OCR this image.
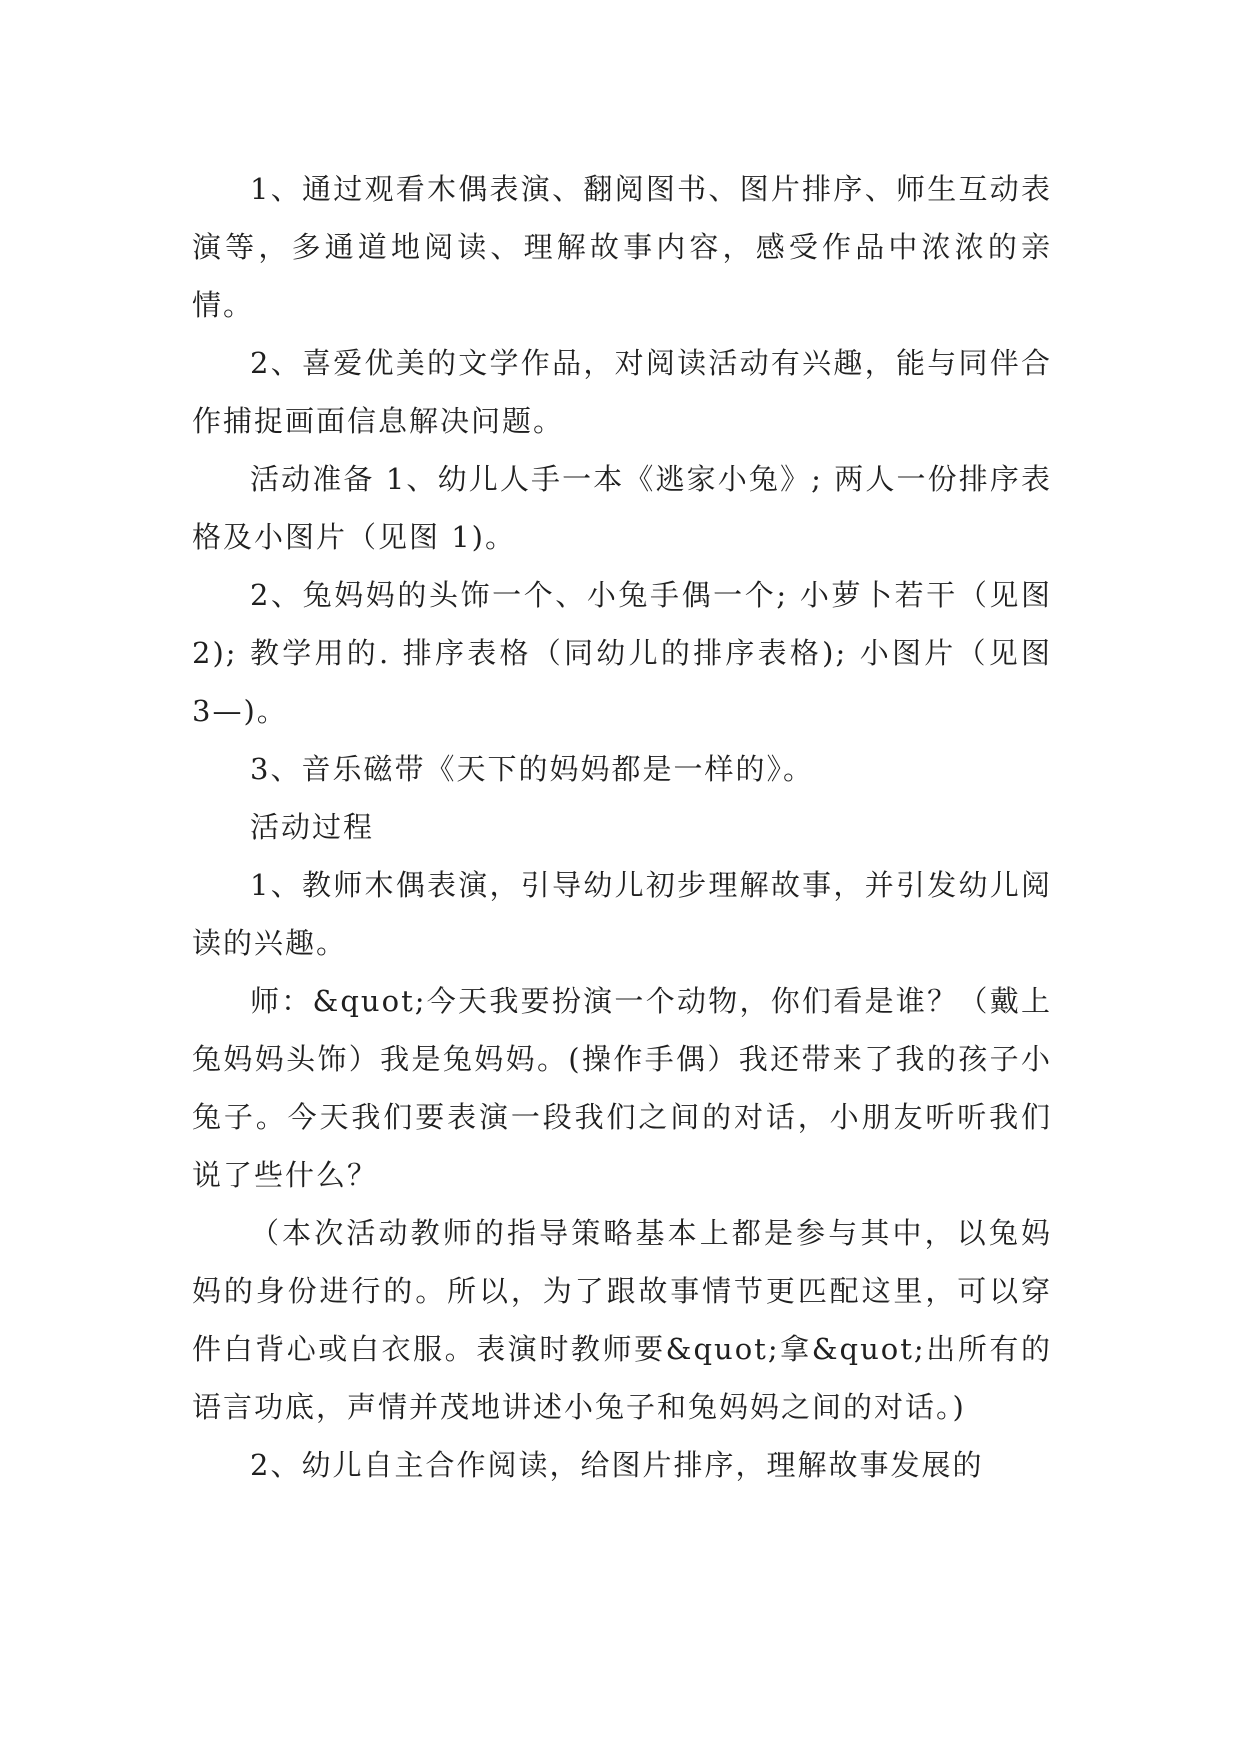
1、通过观看木偶表演、翻阅图书、图片排序、师生互动表演等，多通道地阅读、理解故事内容，感受作品中浓浓的亲情。

2、喜爱优美的文学作品，对阅读活动有兴趣，能与同伴合作捕捉画面信息解决问题。

活动准备 1、幼儿人手一本《逃家小兔》; 两人一份排序表格及小图片（见图 1)。

2、兔妈妈的头饰一个、小兔手偶一个; 小萝卜若干（见图 2); 教学用的. 排序表格（同幼儿的排序表格); 小图片（见图 3—)。

3、音乐磁带《天下的妈妈都是一样的》。

活动过程

1、教师木偶表演，引导幼儿初步理解故事，并引发幼儿阅读的兴趣。

师：&quot;今天我要扮演一个动物，你们看是谁？（戴上兔妈妈头饰）我是兔妈妈。(操作手偶）我还带来了我的孩子小兔子。今天我们要表演一段我们之间的对话，小朋友听听我们说了些什么？

（本次活动教师的指导策略基本上都是参与其中，以兔妈妈的身份进行的。所以，为了跟故事情节更匹配这里，可以穿件白背心或白衣服。表演时教师要&quot;拿&quot;出所有的语言功底，声情并茂地讲述小兔子和兔妈妈之间的对话。)

2、幼儿自主合作阅读，给图片排序，理解故事发展的
